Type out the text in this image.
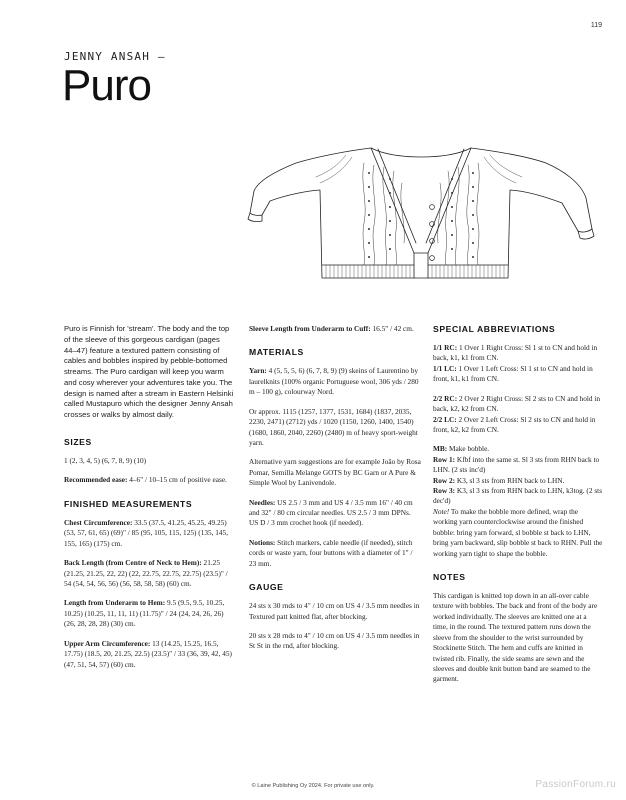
119
JENNY ANSAH —
Puro
Puro is Finnish for 'stream'. The body and the top of the sleeve of this gorgeous cardigan (pages 44–47) feature a textured pattern consisting of cables and bobbles inspired by pebble-bottomed streams. The Puro cardigan will keep you warm and cosy wherever your adventures take you. The design is named after a stream in Eastern Helsinki called Mustapuro which the designer Jenny Ansah crosses or walks by almost daily.
SIZES

1 (2, 3, 4, 5) (6, 7, 8, 9) (10)

Recommended ease: 4–6" / 10–15 cm of positive ease.

FINISHED MEASUREMENTS

Chest Circumference: 33.5 (37.5, 41.25, 45.25, 49.25) (53, 57, 61, 65) (69)" / 85 (95, 105, 115, 125) (135, 145, 155, 165) (175) cm.

Back Length (from Centre of Neck to Hem): 21.25 (21.25, 21.25, 22, 22) (22, 22.75, 22.75, 22.75) (23.5)" / 54 (54, 54, 56, 56) (56, 58, 58, 58) (60) cm.

Length from Underarm to Hem: 9.5 (9.5, 9.5, 10.25, 10.25) (10.25, 11, 11, 11) (11.75)" / 24 (24, 24, 26, 26) (26, 28, 28, 28) (30) cm.

Upper Arm Circumference: 13 (14.25, 15.25, 16.5, 17.75) (18.5, 20, 21.25, 22.5) (23.5)" / 33 (36, 39, 42, 45) (47, 51, 54, 57) (60) cm.

Sleeve Length from Underarm to Cuff: 16.5" / 42 cm.

MATERIALS

Yarn: 4 (5, 5, 5, 6) (6, 7, 8, 9) (9) skeins of Laurentino by laurelknits (100% organic Portuguese wool, 306 yds / 280 m – 100 g), colourway Nord.

Or approx. 1115 (1257, 1377, 1531, 1684) (1837, 2035, 2230, 2471) (2712) yds / 1020 (1150, 1260, 1400, 1540) (1680, 1860, 2040, 2260) (2480) m of heavy sport-weight yarn.

Alternative yarn suggestions are for example João by Rosa Pomar, Semilla Melange GOTS by BC Garn or A Pure & Simple Wool by Lanivendole.

Needles: US 2.5 / 3 mm and US 4 / 3.5 mm 16" / 40 cm and 32" / 80 cm circular needles. US 2.5 / 3 mm DPNs. US D / 3 mm crochet hook (if needed).

Notions: Stitch markers, cable needle (if needed), stitch cords or waste yarn, four buttons with a diameter of 1" / 23 mm.

GAUGE

24 sts x 30 rnds to 4" / 10 cm on US 4 / 3.5 mm needles in Textured patt knitted flat, after blocking.

20 sts x 28 rnds to 4" / 10 cm on US 4 / 3.5 mm needles in St St in the rnd, after blocking.

SPECIAL ABBREVIATIONS

1/1 RC: 1 Over 1 Right Cross: Sl 1 st to CN and hold in back, k1, k1 from CN.

1/1 LC: 1 Over 1 Left Cross: Sl 1 st to CN and hold in front, k1, k1 from CN.

2/2 RC: 2 Over 2 Right Cross: Sl 2 sts to CN and hold in back, k2, k2 from CN.

2/2 LC: 2 Over 2 Left Cross: Sl 2 sts to CN and hold in front, k2, k2 from CN.

MB: Make bobble.

Row 1: Kfbf into the same st. Sl 3 sts from RHN back to LHN. (2 sts inc'd)

Row 2: K3, sl 3 sts from RHN back to LHN.

Row 3: K3, sl 3 sts from RHN back to LHN, k3tog. (2 sts dec'd)

Note! To make the bobble more defined, wrap the working yarn counterclockwise around the finished bobble: bring yarn forward, sl bobble st back to LHN, bring yarn backward, slip bobble st back to RHN. Pull the working yarn tight to shape the bobble.

NOTES

This cardigan is knitted top down in an all-over cable texture with bobbles. The back and front of the body are worked individually. The sleeves are knitted one at a time, in the round. The textured pattern runs down the sleeve from the shoulder to the wrist surrounded by Stockinette Stitch. The hem and cuffs are knitted in twisted rib. Finally, the side seams are sewn and the sleeves and double knit button band are seamed to the garment.

© Laine Publishing Oy 2024. For private use only.	PassionForum.ru
